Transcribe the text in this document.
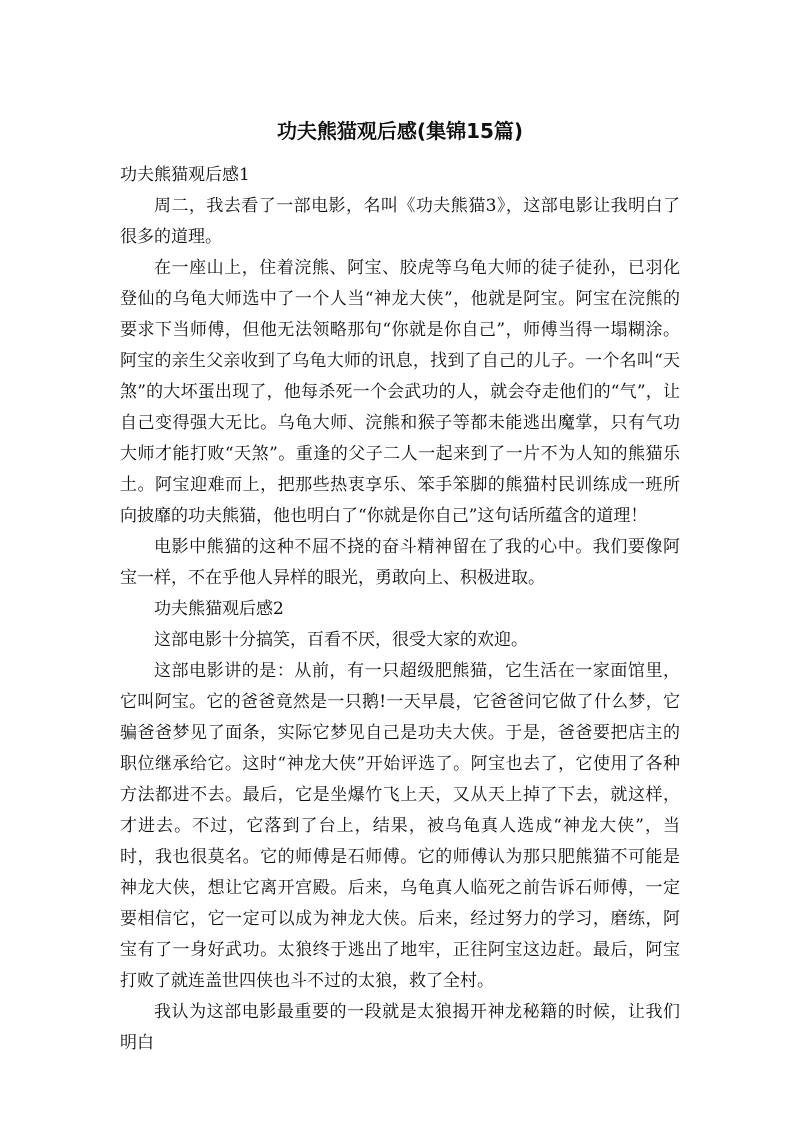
功夫熊猫观后感(集锦15篇)

功夫熊猫观后感1

周二，我去看了一部电影，名叫《功夫熊猫3》，这部电影让我明白了很多的道理。

在一座山上，住着浣熊、阿宝、胶虎等乌龟大师的徒子徒孙，已羽化登仙的乌龟大师选中了一个人当“神龙大侠”，他就是阿宝。阿宝在浣熊的要求下当师傅，但他无法领略那句“你就是你自己”，师傅当得一塌糊涂。阿宝的亲生父亲收到了乌龟大师的讯息，找到了自己的儿子。一个名叫“天煞”的大坏蛋出现了，他每杀死一个会武功的人，就会夺走他们的“气”，让自己变得强大无比。乌龟大师、浣熊和猴子等都未能逃出魔掌，只有气功大师才能打败“天煞”。重逢的父子二人一起来到了一片不为人知的熊猫乐土。阿宝迎难而上，把那些热衷享乐、笨手笨脚的熊猫村民训练成一班所向披靡的功夫熊猫，他也明白了“你就是你自己”这句话所蕴含的道理！

电影中熊猫的这种不屈不挠的奋斗精神留在了我的心中。我们要像阿宝一样，不在乎他人异样的眼光，勇敢向上、积极进取。

功夫熊猫观后感2

这部电影十分搞笑，百看不厌，很受大家的欢迎。

这部电影讲的是：从前，有一只超级肥熊猫，它生活在一家面馆里，它叫阿宝。它的爸爸竟然是一只鹅!一天早晨，它爸爸问它做了什么梦，它骗爸爸梦见了面条，实际它梦见自己是功夫大侠。于是，爸爸要把店主的职位继承给它。这时“神龙大侠”开始评选了。阿宝也去了，它使用了各种方法都进不去。最后，它是坐爆竹飞上天，又从天上掉了下去，就这样，才进去。不过，它落到了台上，结果，被乌龟真人选成“神龙大侠”，当时，我也很莫名。它的师傅是石师傅。它的师傅认为那只肥熊猫不可能是神龙大侠，想让它离开宫殿。后来，乌龟真人临死之前告诉石师傅，一定要相信它，它一定可以成为神龙大侠。后来，经过努力的学习，磨练，阿宝有了一身好武功。太狼终于逃出了地牢，正往阿宝这边赶。最后，阿宝打败了就连盖世四侠也斗不过的太狼，救了全村。

我认为这部电影最重要的一段就是太狼揭开神龙秘籍的时候，让我们明白
